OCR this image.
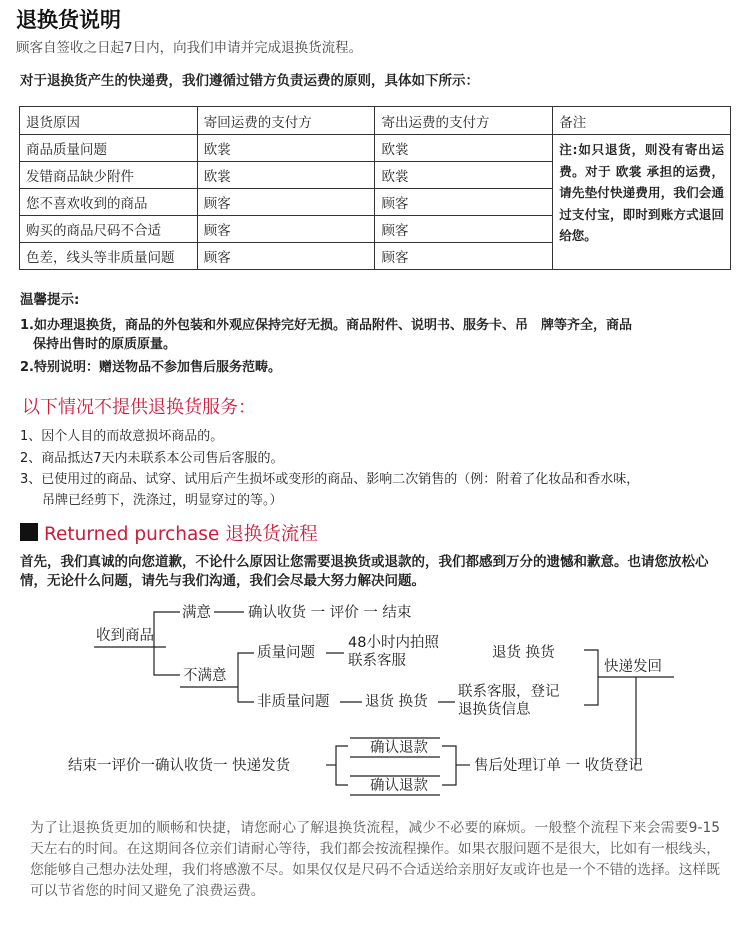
退换货说明
顾客自签收之日起7日内，向我们申请并完成退换货流程。
对于退换货产生的快递费，我们遵循过错方负责运费的原则，具体如下所示：
退货原因	寄回运费的支付方	寄出运费的支付方	备注
商品质量问题	欧裳	欧裳	注:如只退货，则没有寄出运费。对于 欧裳 承担的运费，请先垫付快递费用，我们会通过支付宝，即时到账方式退回给您。
发错商品缺少附件	欧裳	欧裳	
您不喜欢收到的商品	顾客	顾客	
购买的商品尺码不合适	顾客	顾客	
色差，线头等非质量问题	顾客	顾客	
温馨提示:
1.如办理退换货，商品的外包装和外观应保持完好无损。商品附件、说明书、服务卡、吊　牌等齐全，商品
保持出售时的原质原量。
2.特别说明：赠送物品不参加售后服务范畴。
以下情况不提供退换货服务：
1、因个人目的而故意损坏商品的。
2、商品抵达7天内未联系本公司售后客服的。
3、已使用过的商品、试穿、试用后产生损坏或变形的商品、影响二次销售的（例：附着了化妆品和香水味，
吊牌已经剪下，洗涤过，明显穿过的等。）
Returned purchase 退换货流程
首先，我们真诚的向您道歉，不论什么原因让您需要退换货或退款的，我们都感到万分的遗憾和歉意。也请您放松心情，无论什么问题，请先与我们沟通，我们会尽最大努力解决问题。
收到商品
满意	确认收货 一 评价 一 结束
不满意
质量问题
48小时内拍照
联系客服	退货 换货
快递发回
非质量问题 退货 换货
联系客服，登记
退换货信息
结束一评价一确认收货一 快递发货
确认退款
确认退款
售后处理订单 一 收货登记
为了让退换货更加的顺畅和快捷，请您耐心了解退换货流程，减少不必要的麻烦。一般整个流程下来会需要9-15天左右的时间。在这期间各位亲们请耐心等待，我们都会按流程操作。如果衣服问题不是很大，比如有一根线头，您能够自己想办法处理，我们将感激不尽。如果仅仅是尺码不合适送给亲朋好友或许也是一个不错的选择。这样既可以节省您的时间又避免了浪费运费。
